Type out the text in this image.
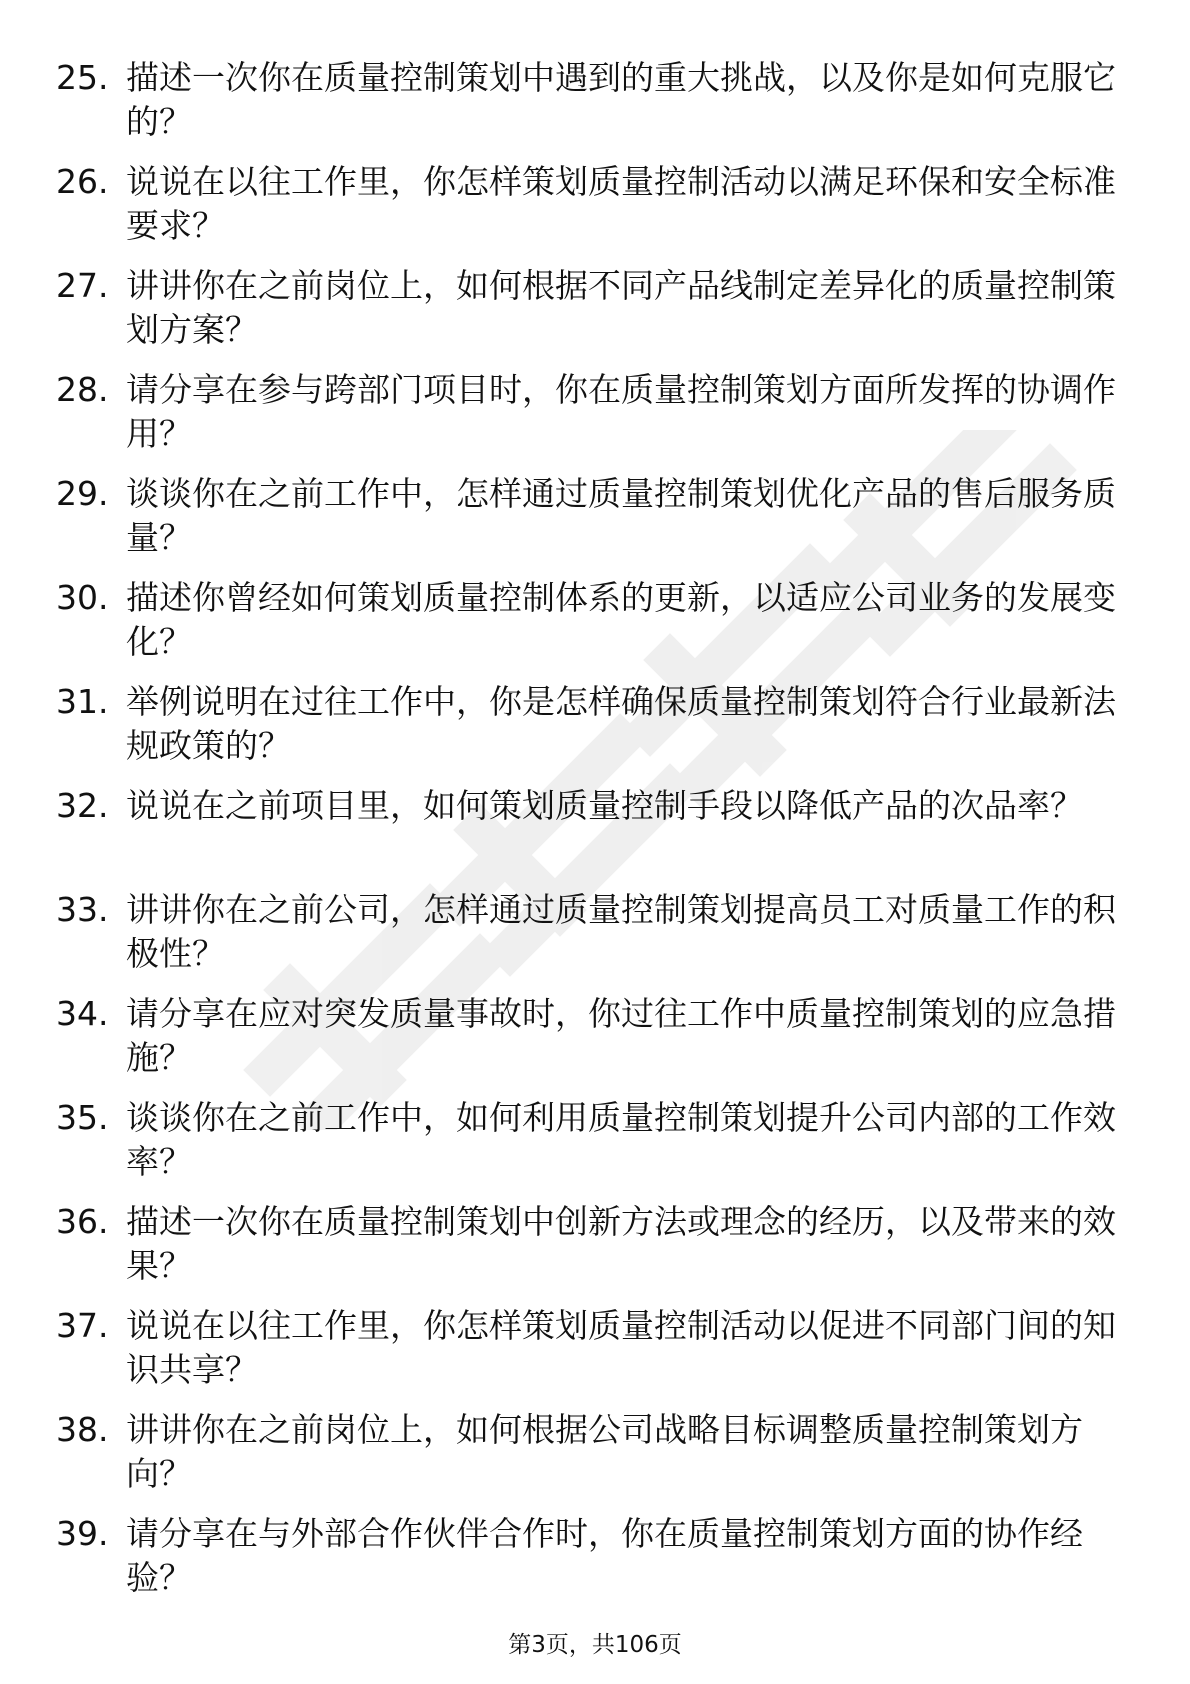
25. 描述一次你在质量控制策划中遇到的重大挑战，以及你是如何克服它的？
26. 说说在以往工作里，你怎样策划质量控制活动以满足环保和安全标准要求？
27. 讲讲你在之前岗位上，如何根据不同产品线制定差异化的质量控制策划方案？
28. 请分享在参与跨部门项目时，你在质量控制策划方面所发挥的协调作用？
29. 谈谈你在之前工作中，怎样通过质量控制策划优化产品的售后服务质量？
30. 描述你曾经如何策划质量控制体系的更新，以适应公司业务的发展变化？
31. 举例说明在过往工作中，你是怎样确保质量控制策划符合行业最新法规政策的？
32. 说说在之前项目里，如何策划质量控制手段以降低产品的次品率？
33. 讲讲你在之前公司，怎样通过质量控制策划提高员工对质量工作的积极性？
34. 请分享在应对突发质量事故时，你过往工作中质量控制策划的应急措施？
35. 谈谈你在之前工作中，如何利用质量控制策划提升公司内部的工作效率？
36. 描述一次你在质量控制策划中创新方法或理念的经历，以及带来的效果？
37. 说说在以往工作里，你怎样策划质量控制活动以促进不同部门间的知识共享？
38. 讲讲你在之前岗位上，如何根据公司战略目标调整质量控制策划方向？
39. 请分享在与外部合作伙伴合作时，你在质量控制策划方面的协作经验？
第3页，共106页
